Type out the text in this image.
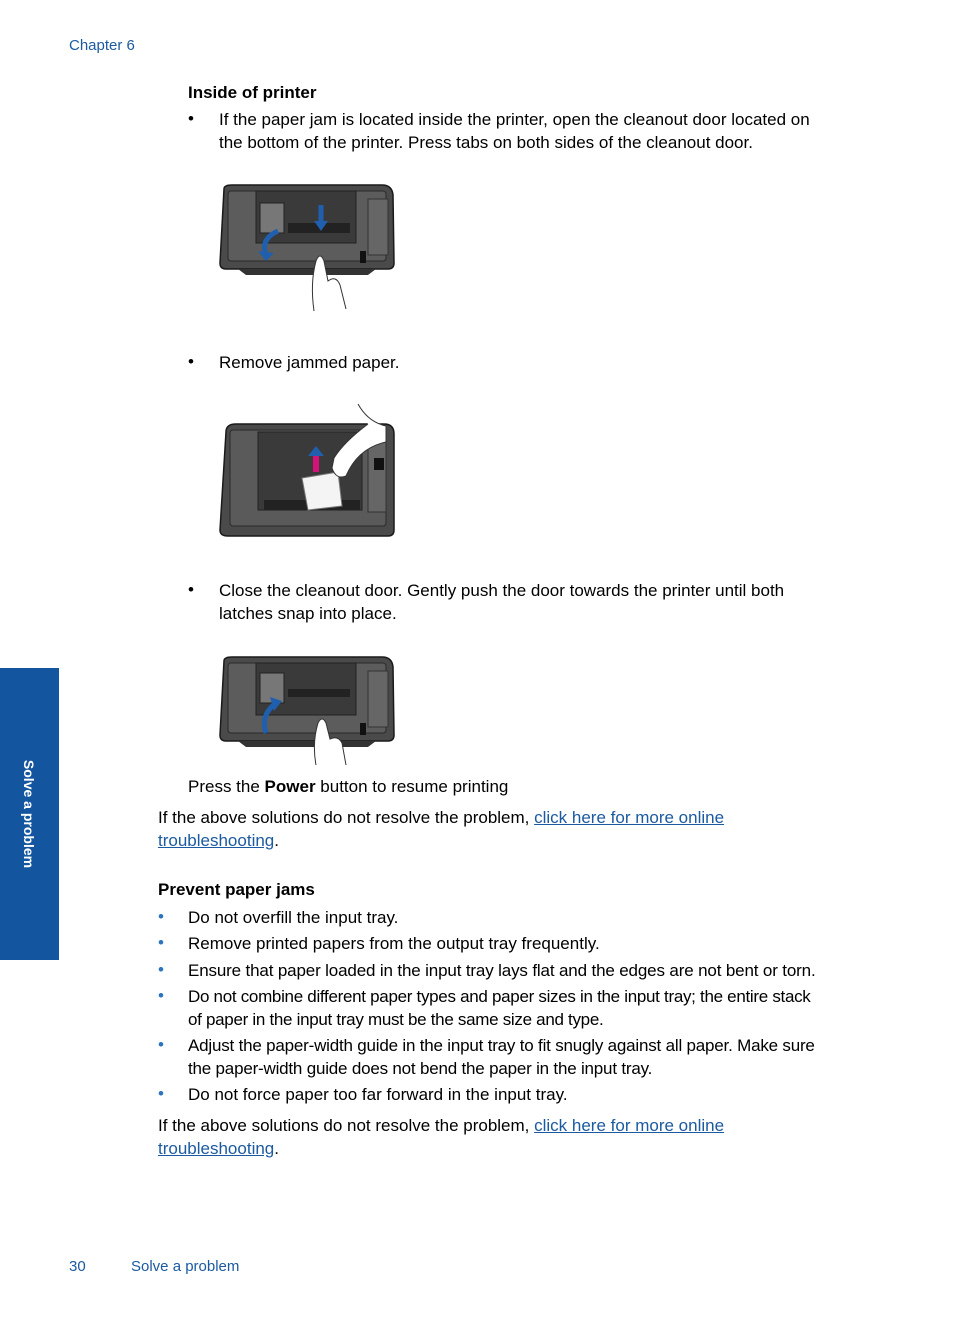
Chapter 6
Solve a problem
Inside of printer
• If the paper jam is located inside the printer, open the cleanout door located on
the bottom of the printer. Press tabs on both sides of the cleanout door.
• Remove jammed paper.
• Close the cleanout door. Gently push the door towards the printer until both
latches snap into place.
Press the Power button to resume printing
If the above solutions do not resolve the problem, click here for more online
troubleshooting.
Prevent paper jams
• Do not overfill the input tray.
• Remove printed papers from the output tray frequently.
• Ensure that paper loaded in the input tray lays flat and the edges are not bent or torn.
• Do not combine different paper types and paper sizes in the input tray; the entire stack
of paper in the input tray must be the same size and type.
• Adjust the paper-width guide in the input tray to fit snugly against all paper. Make sure
the paper-width guide does not bend the paper in the input tray.
• Do not force paper too far forward in the input tray.
If the above solutions do not resolve the problem, click here for more online
troubleshooting.
30	Solve a problem
